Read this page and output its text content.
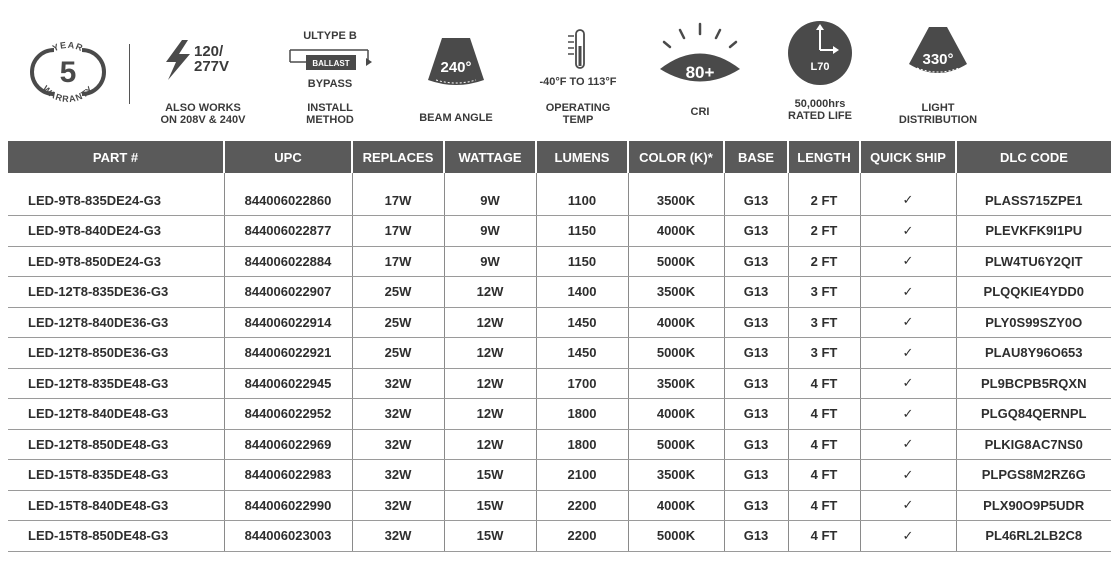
YEAR
WARRANTY
5
120/
277V
ALSO WORKS
ON 208V & 240V
ULTYPE B
BALLAST
BYPASS
INSTALL
METHOD
240°
BEAM ANGLE
-40°F TO 113°F
OPERATING
TEMP
80+
CRI
L70
50,000hrs
RATED LIFE
330°
LIGHT
DISTRIBUTION
PART #	UPC	REPLACES	WATTAGE	LUMENS	COLOR (K)*	BASE	LENGTH	QUICK SHIP	DLC CODE

LED-9T8-835DE24-G3	844006022860	17W	9W	1100	3500K	G13	2 FT	✓	PLASS715ZPE1
LED-9T8-840DE24-G3	844006022877	17W	9W	1150	4000K	G13	2 FT	✓	PLEVKFK9I1PU
LED-9T8-850DE24-G3	844006022884	17W	9W	1150	5000K	G13	2 FT	✓	PLW4TU6Y2QIT
LED-12T8-835DE36-G3	844006022907	25W	12W	1400	3500K	G13	3 FT	✓	PLQQKIE4YDD0
LED-12T8-840DE36-G3	844006022914	25W	12W	1450	4000K	G13	3 FT	✓	PLY0S99SZY0O
LED-12T8-850DE36-G3	844006022921	25W	12W	1450	5000K	G13	3 FT	✓	PLAU8Y96O653
LED-12T8-835DE48-G3	844006022945	32W	12W	1700	3500K	G13	4 FT	✓	PL9BCPB5RQXN
LED-12T8-840DE48-G3	844006022952	32W	12W	1800	4000K	G13	4 FT	✓	PLGQ84QERNPL
LED-12T8-850DE48-G3	844006022969	32W	12W	1800	5000K	G13	4 FT	✓	PLKIG8AC7NS0
LED-15T8-835DE48-G3	844006022983	32W	15W	2100	3500K	G13	4 FT	✓	PLPGS8M2RZ6G
LED-15T8-840DE48-G3	844006022990	32W	15W	2200	4000K	G13	4 FT	✓	PLX90O9P5UDR
LED-15T8-850DE48-G3	844006023003	32W	15W	2200	5000K	G13	4 FT	✓	PL46RL2LB2C8
